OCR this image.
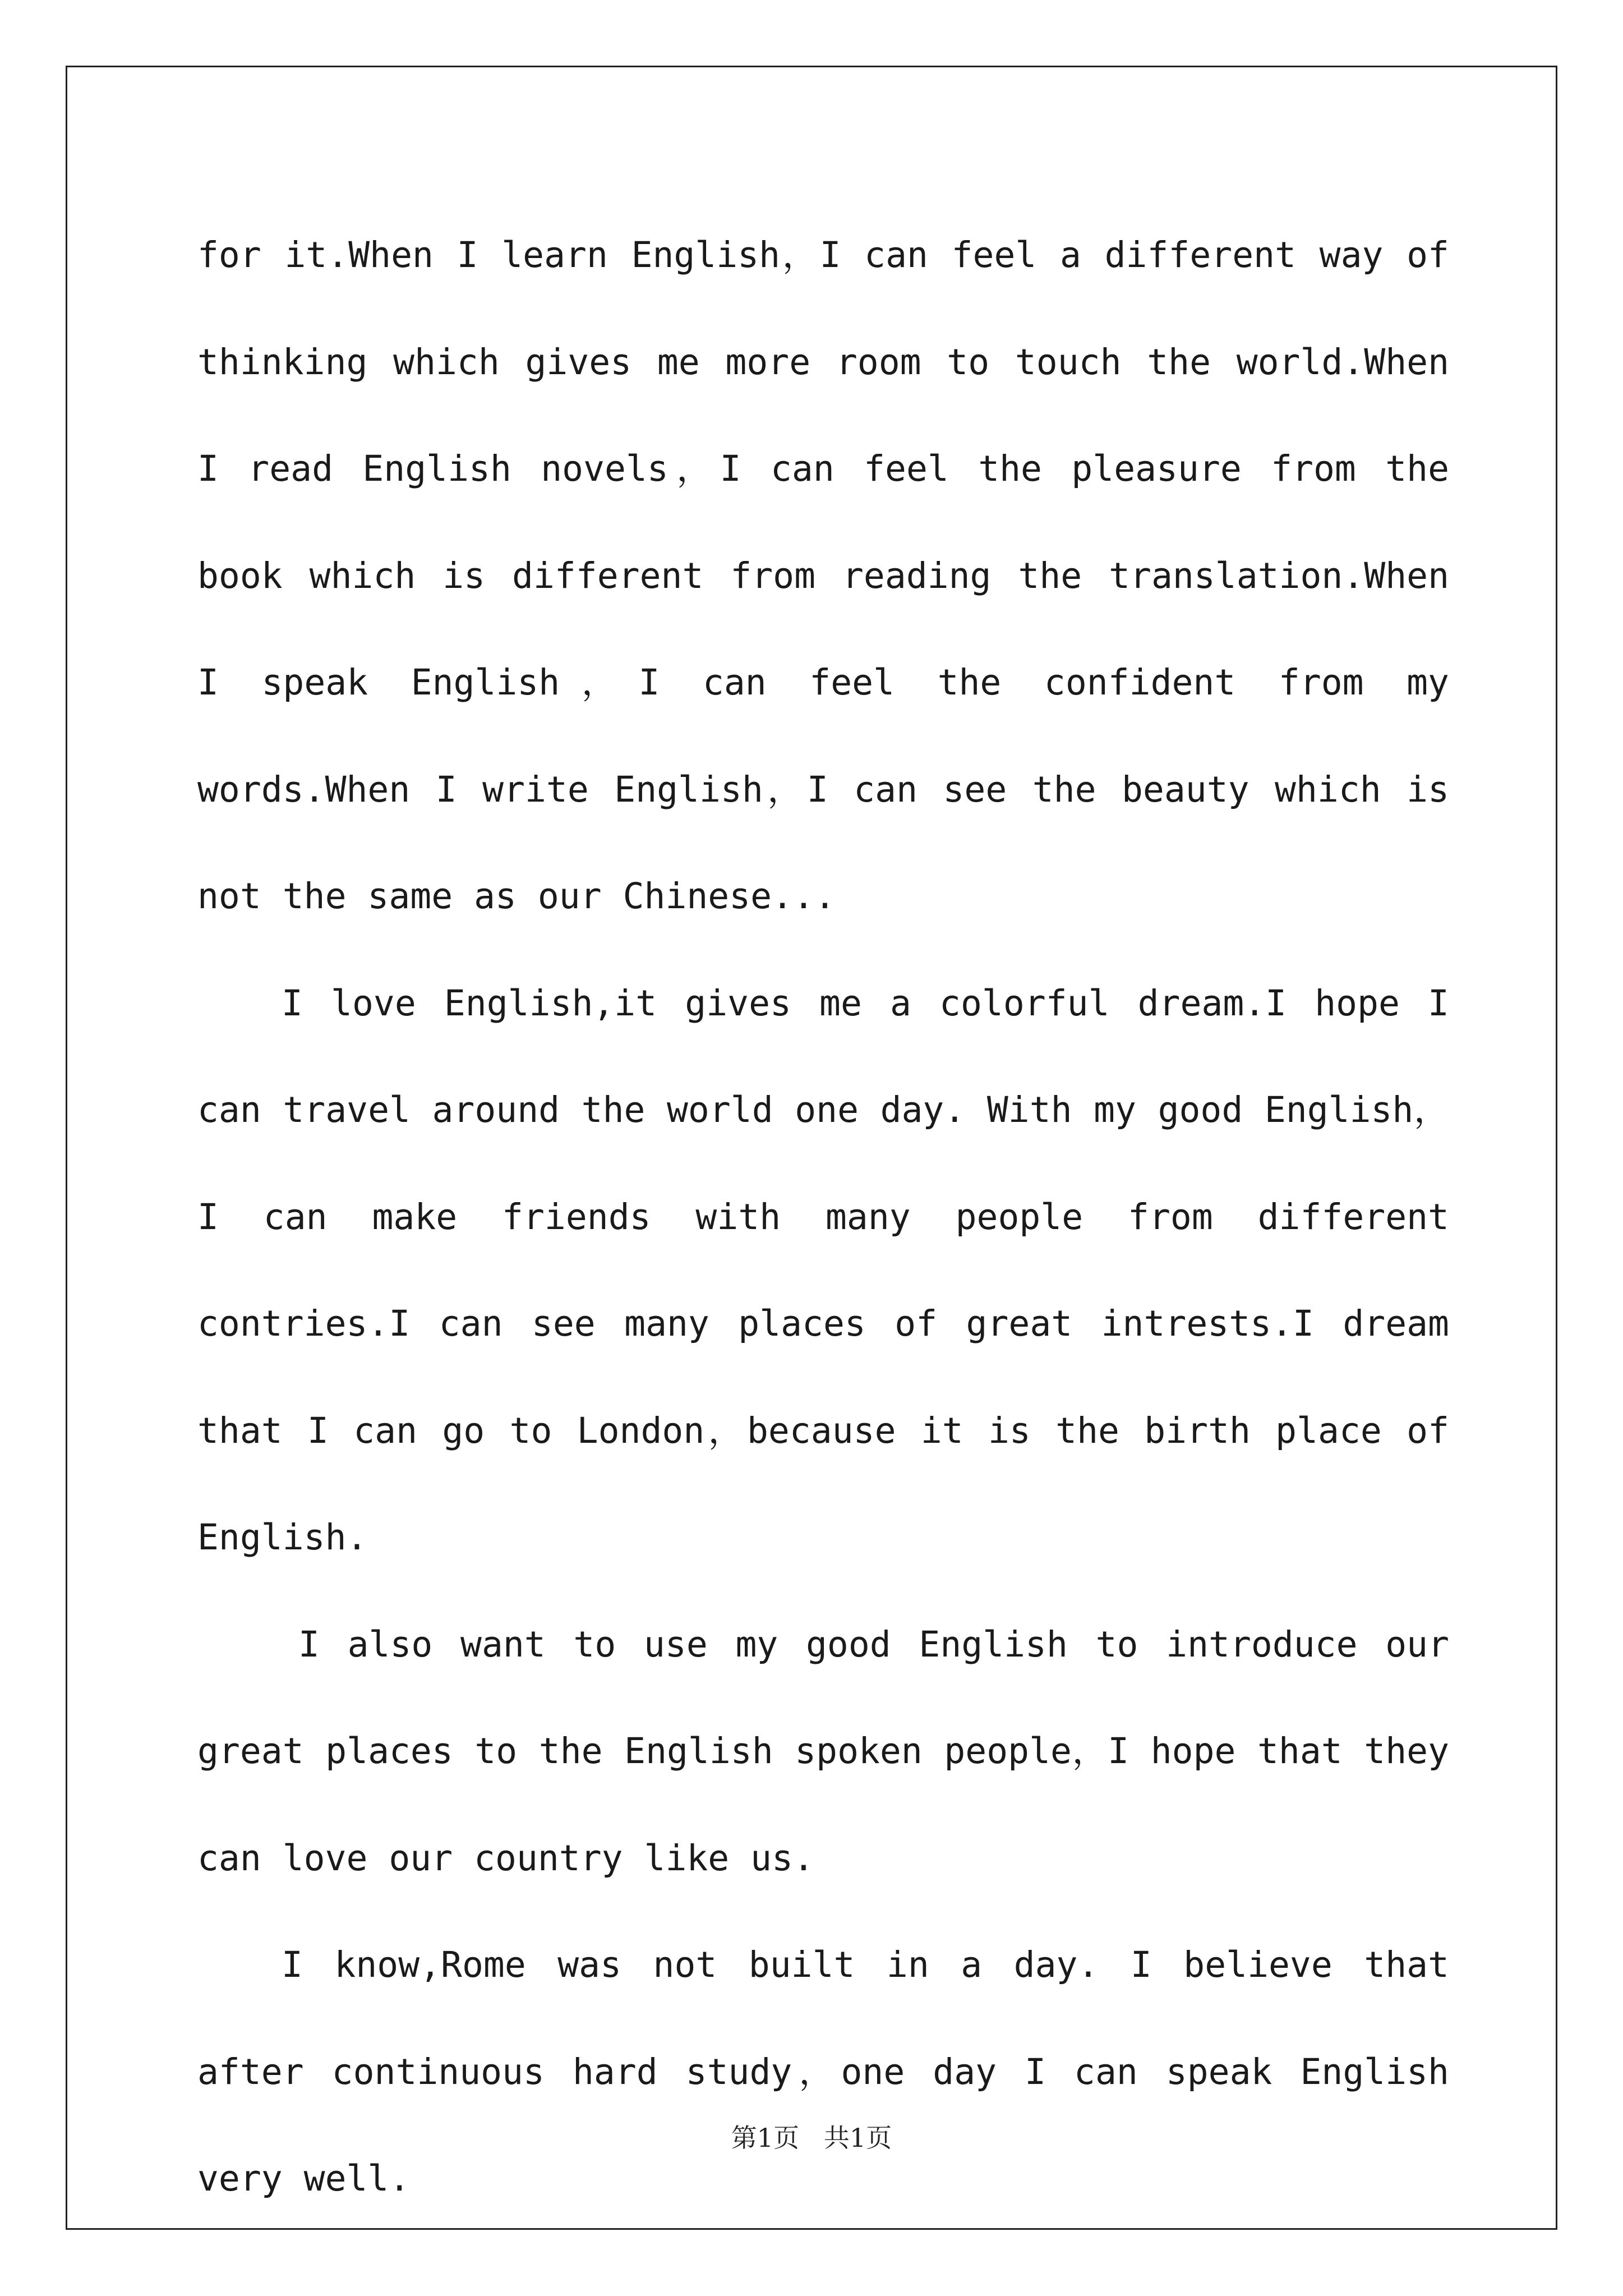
for it.When I learn English，I can feel a different way of thinking which gives me more room to touch the world.When I read English novels，I can feel the pleasure from the book which is different from reading the translation.When I speak English，I can feel the confident from my words.When I write English，I can see the beauty which is not the same as our Chinese...

I love English,it gives me a colorful dream.I hope I can travel around the world one day. With my good English，I can make friends with many people from different contries.I can see many places of great intrests.I dream that I can go to London，because it is the birth place of English.

I also want to use my good English to introduce our great places to the English spoken people，I hope that they can love our country like us.

I know,Rome was not built in a day. I believe that after continuous hard study，one day I can speak English very well.

第1页   共1页
